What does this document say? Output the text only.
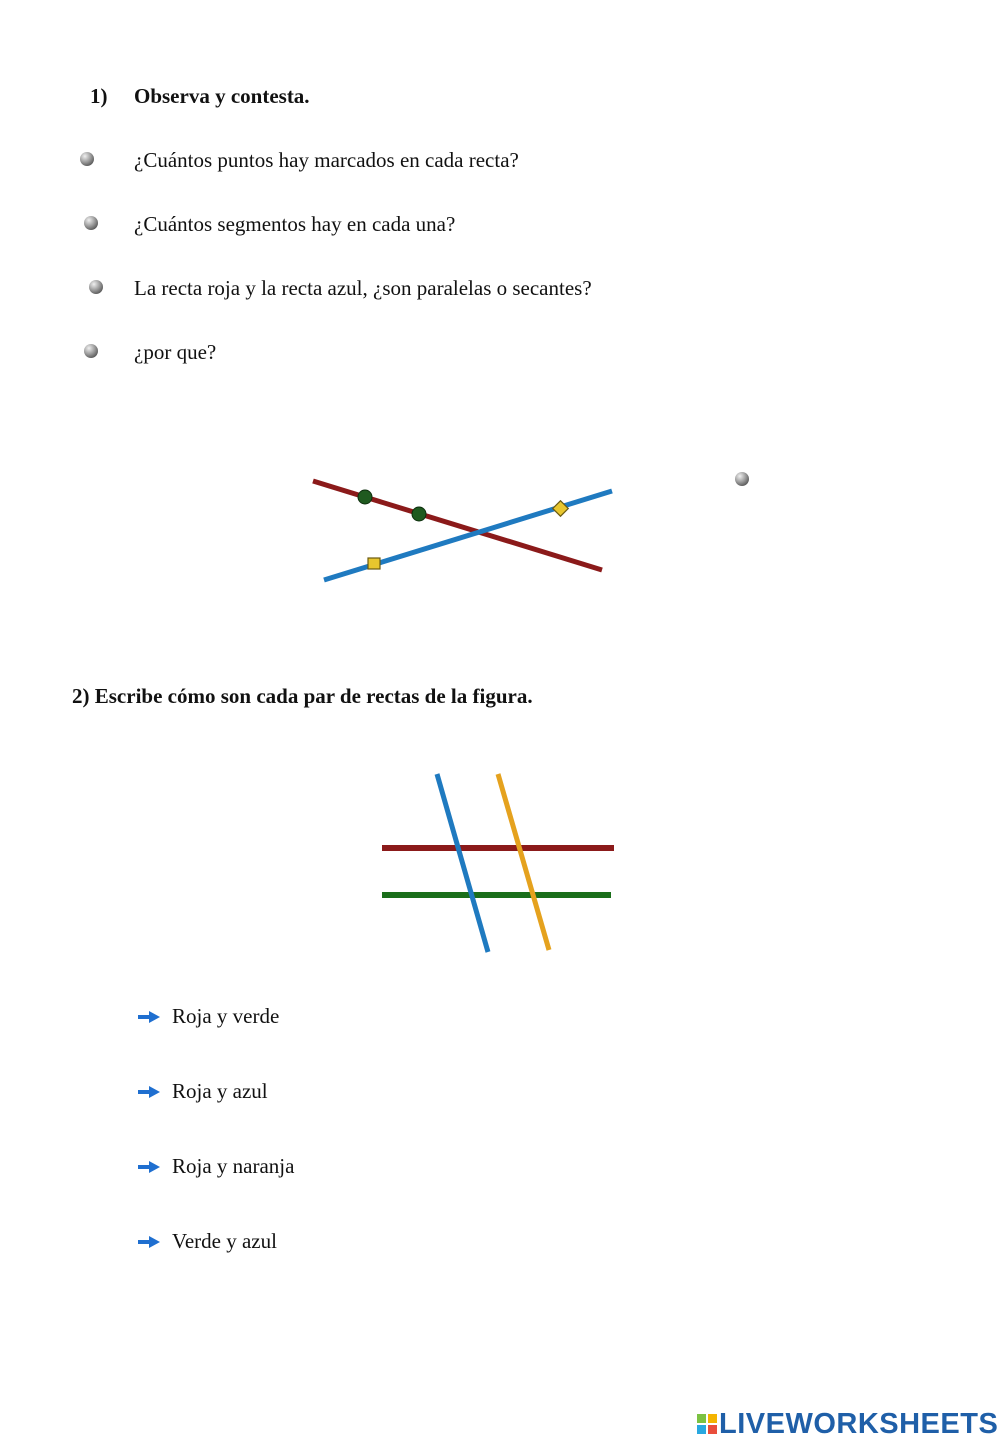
1) Observa y contesta.
¿Cuántos puntos hay marcados en cada recta?
¿Cuántos segmentos hay en cada una?
La recta roja y la recta azul, ¿son paralelas o secantes?
¿por que?
2) Escribe cómo son cada par de rectas de la figura.
Roja y verde
Roja y azul
Roja y naranja
Verde y azul
LIVEWORKSHEETS
